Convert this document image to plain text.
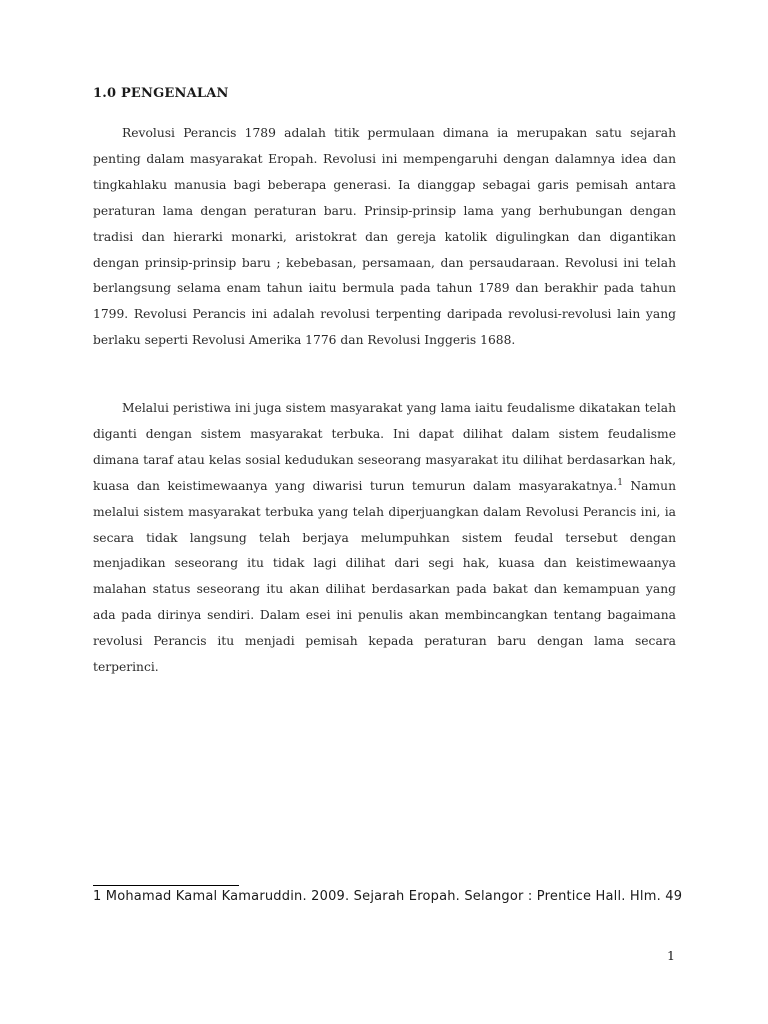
1.0 PENGENALAN

Revolusi Perancis 1789 adalah titik permulaan dimana ia merupakan satu sejarah penting dalam masyarakat Eropah. Revolusi ini mempengaruhi dengan dalamnya idea dan tingkahlaku manusia bagi beberapa generasi. Ia dianggap sebagai garis pemisah antara peraturan lama dengan peraturan baru. Prinsip-prinsip lama yang berhubungan dengan tradisi dan hierarki monarki, aristokrat dan gereja katolik digulingkan dan digantikan dengan prinsip-prinsip baru ; kebebasan, persamaan, dan persaudaraan. Revolusi ini telah berlangsung selama enam tahun iaitu bermula pada tahun 1789 dan berakhir pada tahun 1799. Revolusi Perancis ini adalah revolusi terpenting daripada revolusi-revolusi lain yang berlaku seperti Revolusi Amerika 1776 dan Revolusi Inggeris 1688.

Melalui peristiwa ini juga sistem masyarakat yang lama iaitu feudalisme dikatakan telah diganti dengan sistem masyarakat terbuka. Ini dapat dilihat dalam sistem feudalisme dimana taraf atau kelas sosial kedudukan seseorang masyarakat itu dilihat berdasarkan hak, kuasa dan keistimewaanya yang diwarisi turun temurun dalam masyarakatnya.$^1$ Namun melalui sistem masyarakat terbuka yang telah diperjuangkan dalam Revolusi Perancis ini, ia secara tidak langsung telah berjaya melumpuhkan sistem feudal tersebut dengan menjadikan seseorang itu tidak lagi dilihat dari segi hak, kuasa dan keistimewaanya malahan status seseorang itu akan dilihat berdasarkan pada bakat dan kemampuan yang ada pada dirinya sendiri. Dalam esei ini penulis akan membincangkan tentang bagaimana revolusi Perancis itu menjadi pemisah kepada peraturan baru dengan lama secara terperinci.

1 Mohamad Kamal Kamaruddin. 2009. Sejarah Eropah. Selangor : Prentice Hall. Hlm. 49
1
